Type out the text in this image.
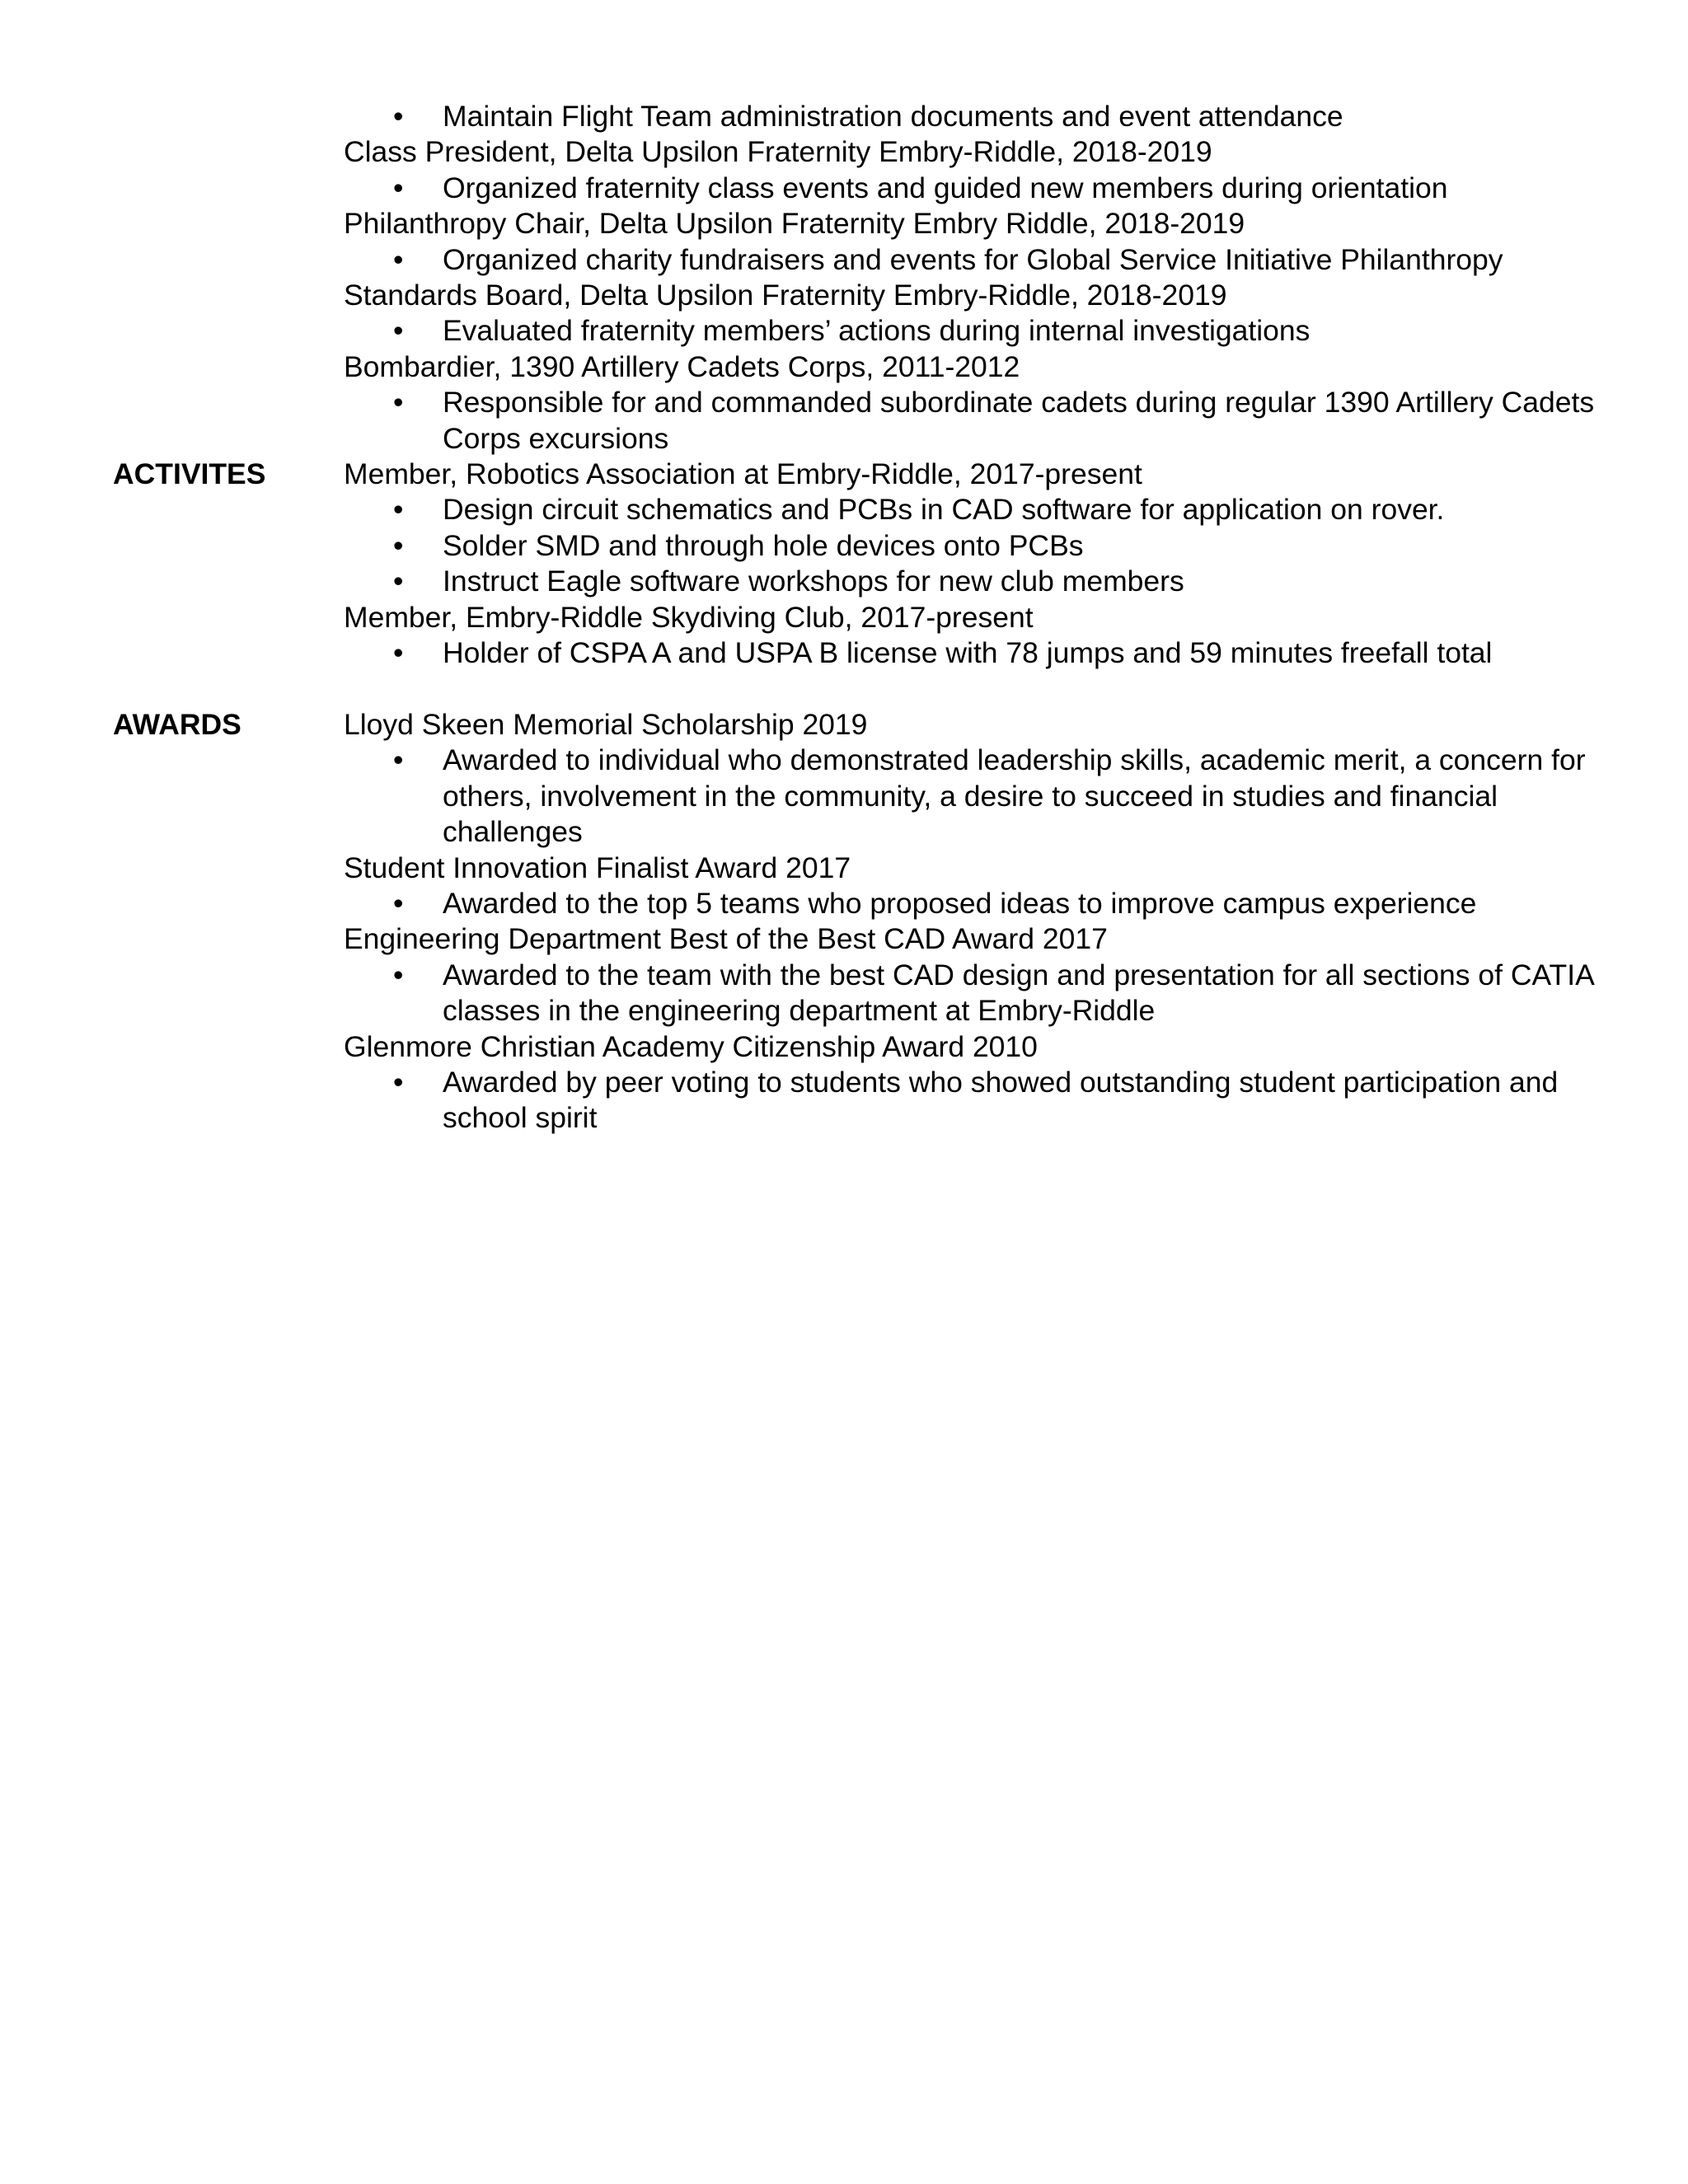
• Maintain Flight Team administration documents and event attendance
Class President, Delta Upsilon Fraternity Embry-Riddle, 2018-2019
• Organized fraternity class events and guided new members during orientation
Philanthropy Chair, Delta Upsilon Fraternity Embry Riddle, 2018-2019
• Organized charity fundraisers and events for Global Service Initiative Philanthropy
Standards Board, Delta Upsilon Fraternity Embry-Riddle, 2018-2019
• Evaluated fraternity members’ actions during internal investigations
Bombardier, 1390 Artillery Cadets Corps, 2011-2012
• Responsible for and commanded subordinate cadets during regular 1390 Artillery Cadets Corps excursions
ACTIVITES	Member, Robotics Association at Embry-Riddle, 2017-present
• Design circuit schematics and PCBs in CAD software for application on rover.
• Solder SMD and through hole devices onto PCBs
• Instruct Eagle software workshops for new club members
Member, Embry-Riddle Skydiving Club, 2017-present
• Holder of CSPA A and USPA B license with 78 jumps and 59 minutes freefall total
AWARDS	Lloyd Skeen Memorial Scholarship 2019
• Awarded to individual who demonstrated leadership skills, academic merit, a concern for others, involvement in the community, a desire to succeed in studies and financial challenges
Student Innovation Finalist Award 2017
• Awarded to the top 5 teams who proposed ideas to improve campus experience
Engineering Department Best of the Best CAD Award 2017
• Awarded to the team with the best CAD design and presentation for all sections of CATIA classes in the engineering department at Embry-Riddle
Glenmore Christian Academy Citizenship Award 2010
• Awarded by peer voting to students who showed outstanding student participation and school spirit
